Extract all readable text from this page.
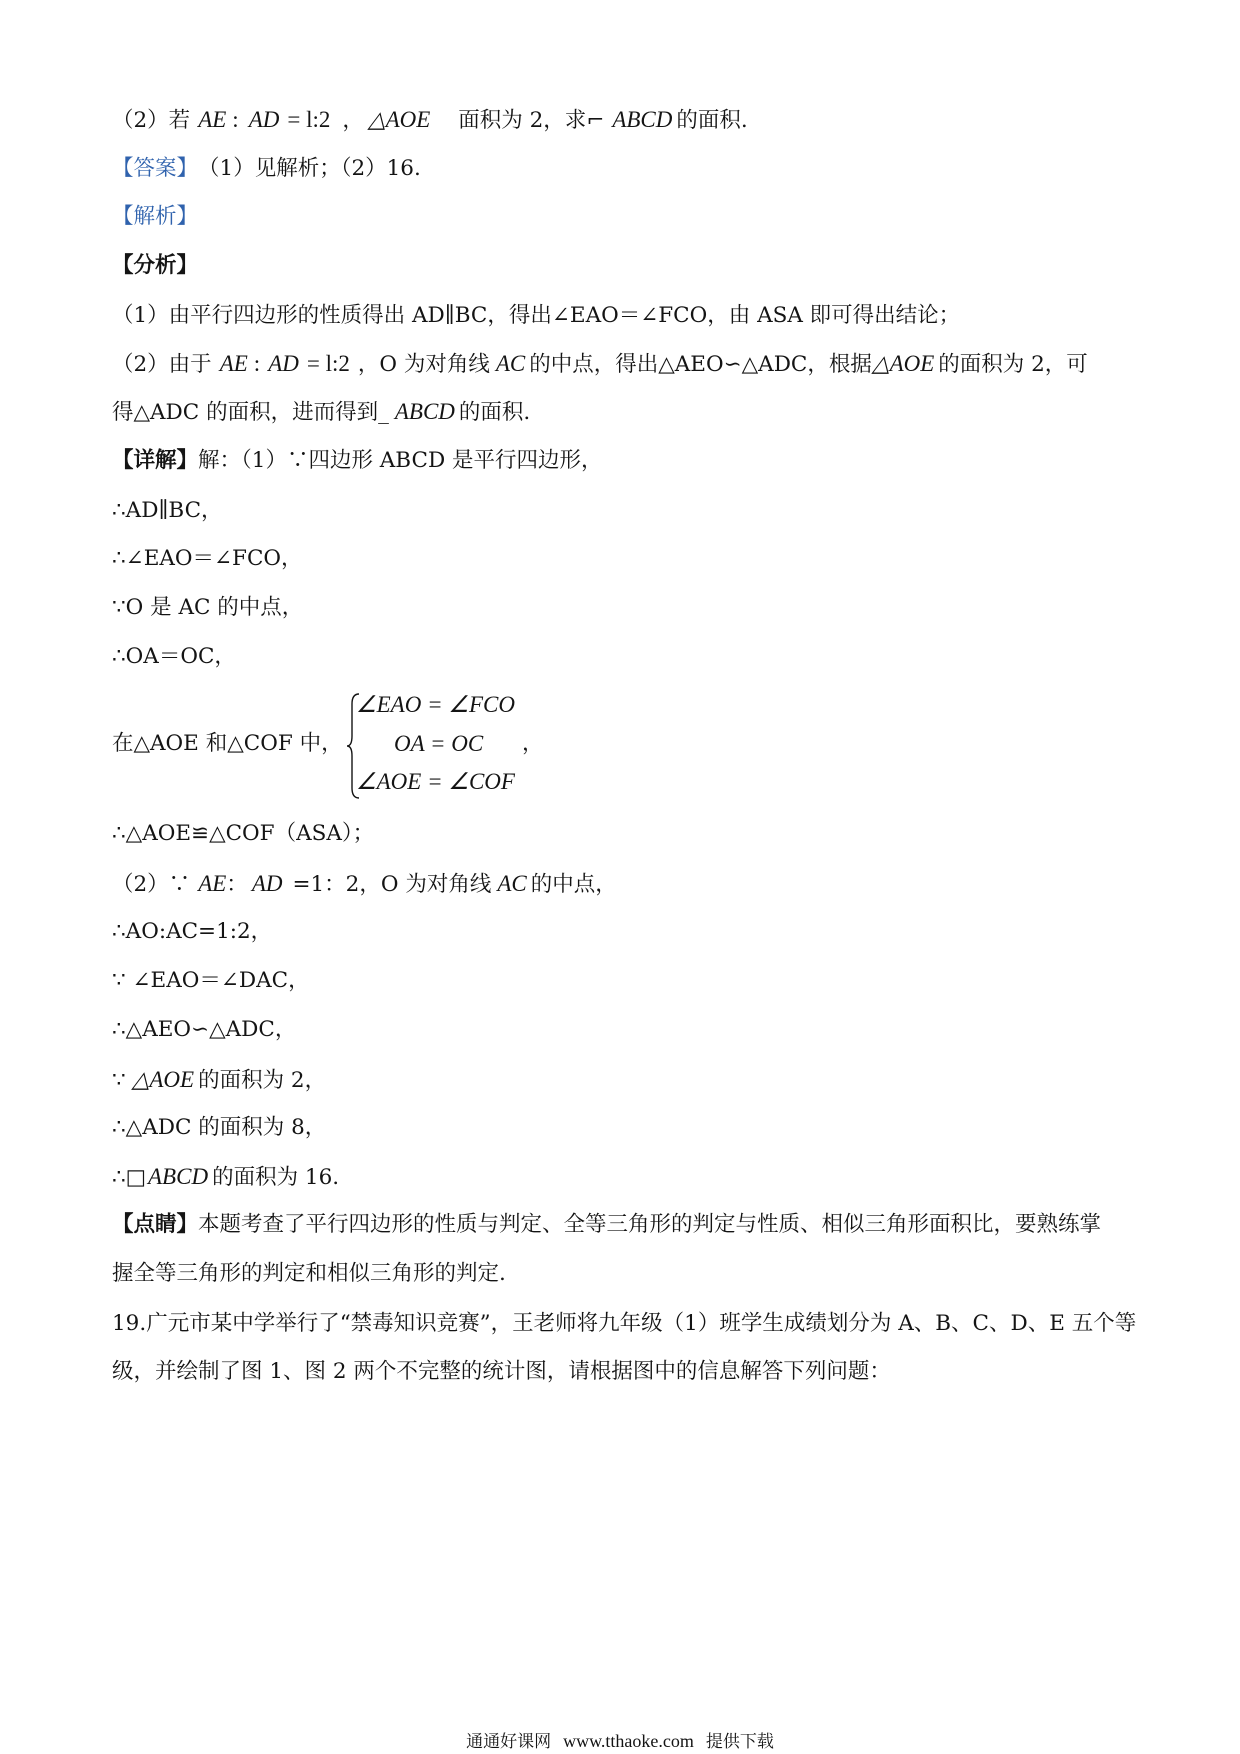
（2）若 AE : AD = l:2 ， △AOE 面积为 2，求 ⌐ ABCD 的面积.
【答案】 （1）见解析；（2）16.
【解析】
【分析】
（1）由平行四边形的性质得出 AD∥BC，得出∠EAO＝∠FCO，由 ASA 即可得出结论；
（2）由于 AE : AD = l:2 ，O 为对角线 AC 的中点，得出△AEO∽△ADC，根据 △AOE 的面积为 2，可
得△ADC 的面积，进而得到 _ ABCD 的面积.
【详解】 解：（1）∵四边形 ABCD 是平行四边形，
∴AD∥BC，
∴∠EAO＝∠FCO，
∵O 是 AC 的中点，
∴OA＝OC，
在△AOE 和△COF 中，
∠EAO = ∠FCO
OA = OC
∠AOE = ∠COF
，
∴△AOE≌△COF（ASA）；
（2）∵ AE ： AD =1：2，O 为对角线 AC 的中点，
∴AO:AC=1:2，
∵ ∠EAO＝∠DAC，
∴△AEO∽△ADC，
∵ △AOE 的面积为 2，
∴△ADC 的面积为 8，
∴□ ABCD 的面积为 16.
【点睛】 本题考查了平行四边形的性质与判定、全等三角形的判定与性质、相似三角形面积比，要熟练掌
握全等三角形的判定和相似三角形的判定.
19.广元市某中学举行了“禁毒知识竞赛”，王老师将九年级（1）班学生成绩划分为 A、B、C、D、E 五个等
级，并绘制了图 1、图 2 两个不完整的统计图，请根据图中的信息解答下列问题：
通通好课网 www.tthaoke.com 提供下载
